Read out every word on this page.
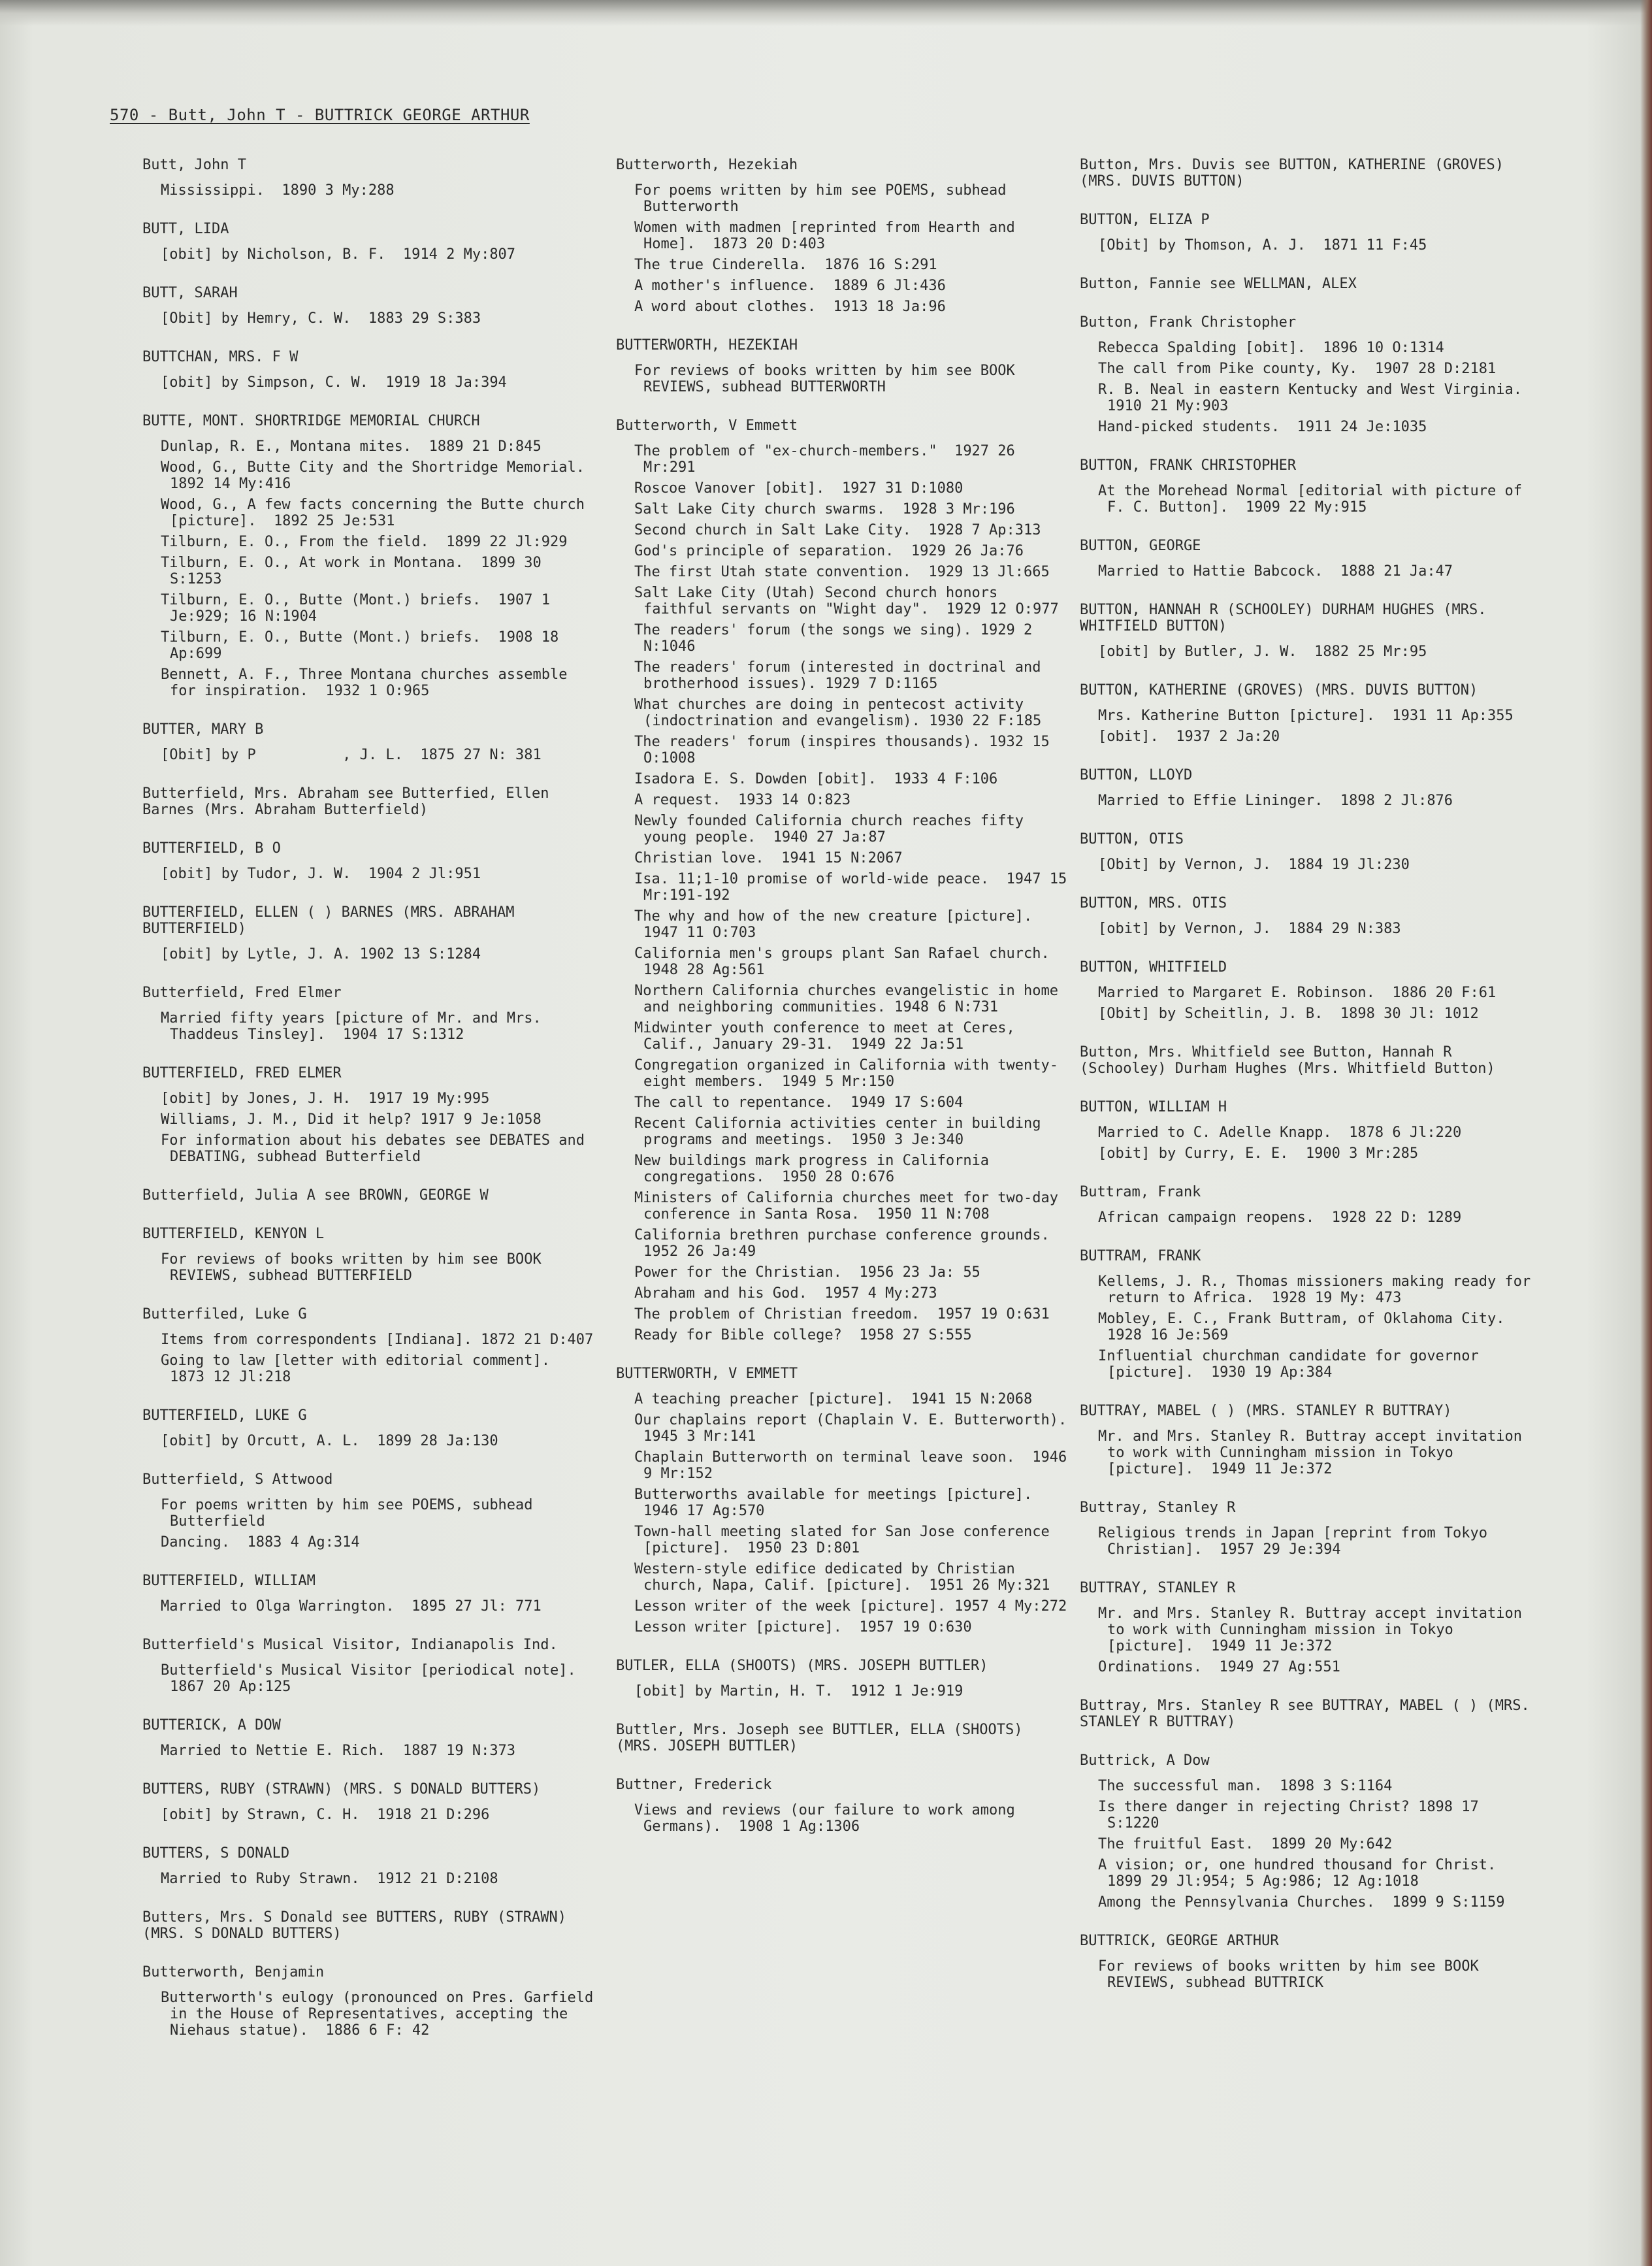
570 - Butt, John T - BUTTRICK GEORGE ARTHUR
Butt, John T
Mississippi.  1890 3 My:288
BUTT, LIDA
[obit] by Nicholson, B. F.  1914 2 My:807
BUTT, SARAH
[Obit] by Hemry, C. W.  1883 29 S:383
BUTTCHAN, MRS. F W
[obit] by Simpson, C. W.  1919 18 Ja:394
BUTTE, MONT. SHORTRIDGE MEMORIAL CHURCH
Dunlap, R. E., Montana mites.  1889 21 D:845
Wood, G., Butte City and the Shortridge Memorial.  1892 14 My:416
Wood, G., A few facts concerning the Butte church [picture].  1892 25 Je:531
Tilburn, E. O., From the field.  1899 22 Jl:929
Tilburn, E. O., At work in Montana.  1899 30 S:1253
Tilburn, E. O., Butte (Mont.) briefs.  1907 1 Je:929; 16 N:1904
Tilburn, E. O., Butte (Mont.) briefs.  1908 18 Ap:699
Bennett, A. F., Three Montana churches assemble for inspiration.  1932 1 O:965
BUTTER, MARY B
[Obit] by P          , J. L.  1875 27 N: 381
Butterfield, Mrs. Abraham see Butterfied, Ellen Barnes (Mrs. Abraham Butterfield)
BUTTERFIELD, B O
[obit] by Tudor, J. W.  1904 2 Jl:951
BUTTERFIELD, ELLEN ( ) BARNES (MRS. ABRAHAM BUTTERFIELD)
[obit] by Lytle, J. A. 1902 13 S:1284
Butterfield, Fred Elmer
Married fifty years [picture of Mr. and Mrs. Thaddeus Tinsley].  1904 17 S:1312
BUTTERFIELD, FRED ELMER
[obit] by Jones, J. H.  1917 19 My:995
Williams, J. M., Did it help? 1917 9 Je:1058
For information about his debates see DEBATES and DEBATING, subhead Butterfield
Butterfield, Julia A see BROWN, GEORGE W
BUTTERFIELD, KENYON L
For reviews of books written by him see BOOK REVIEWS, subhead BUTTERFIELD
Butterfiled, Luke G
Items from correspondents [Indiana]. 1872 21 D:407
Going to law [letter with editorial comment].  1873 12 Jl:218
BUTTERFIELD, LUKE G
[obit] by Orcutt, A. L.  1899 28 Ja:130
Butterfield, S Attwood
For poems written by him see POEMS, subhead Butterfield
Dancing.  1883 4 Ag:314
BUTTERFIELD, WILLIAM
Married to Olga Warrington.  1895 27 Jl: 771
Butterfield's Musical Visitor, Indianapolis Ind.
Butterfield's Musical Visitor [periodical note].  1867 20 Ap:125
BUTTERICK, A DOW
Married to Nettie E. Rich.  1887 19 N:373
BUTTERS, RUBY (STRAWN) (MRS. S DONALD BUTTERS)
[obit] by Strawn, C. H.  1918 21 D:296
BUTTERS, S DONALD
Married to Ruby Strawn.  1912 21 D:2108
Butters, Mrs. S Donald see BUTTERS, RUBY (STRAWN) (MRS. S DONALD BUTTERS)
Butterworth, Benjamin
Butterworth's eulogy (pronounced on Pres. Garfield in the House of Representatives, accepting the Niehaus statue).  1886 6 F: 42
Butterworth, Hezekiah
For poems written by him see POEMS, subhead Butterworth
Women with madmen [reprinted from Hearth and Home].  1873 20 D:403
The true Cinderella.  1876 16 S:291
A mother's influence.  1889 6 Jl:436
A word about clothes.  1913 18 Ja:96
BUTTERWORTH, HEZEKIAH
For reviews of books written by him see BOOK REVIEWS, subhead BUTTERWORTH
Butterworth, V Emmett
The problem of "ex-church-members."  1927 26 Mr:291
Roscoe Vanover [obit].  1927 31 D:1080
Salt Lake City church swarms.  1928 3 Mr:196
Second church in Salt Lake City.  1928 7 Ap:313
God's principle of separation.  1929 26 Ja:76
The first Utah state convention.  1929 13 Jl:665
Salt Lake City (Utah) Second church honors faithful servants on "Wight day".  1929 12 O:977
The readers' forum (the songs we sing). 1929 2 N:1046
The readers' forum (interested in doctrinal and brotherhood issues). 1929 7 D:1165
What churches are doing in pentecost activity (indoctrination and evangelism). 1930 22 F:185
The readers' forum (inspires thousands). 1932 15 O:1008
Isadora E. S. Dowden [obit].  1933 4 F:106
A request.  1933 14 O:823
Newly founded California church reaches fifty young people.  1940 27 Ja:87
Christian love.  1941 15 N:2067
Isa. 11;1-10 promise of world-wide peace.  1947 15 Mr:191-192
The why and how of the new creature [picture].  1947 11 O:703
California men's groups plant San Rafael church.  1948 28 Ag:561
Northern California churches evangelistic in home and neighboring communities. 1948 6 N:731
Midwinter youth conference to meet at Ceres, Calif., January 29-31.  1949 22 Ja:51
Congregation organized in California with twenty-eight members.  1949 5 Mr:150
The call to repentance.  1949 17 S:604
Recent California activities center in building programs and meetings.  1950 3 Je:340
New buildings mark progress in California congregations.  1950 28 O:676
Ministers of California churches meet for two-day conference in Santa Rosa.  1950 11 N:708
California brethren purchase conference grounds.  1952 26 Ja:49
Power for the Christian.  1956 23 Ja: 55
Abraham and his God.  1957 4 My:273
The problem of Christian freedom.  1957 19 O:631
Ready for Bible college?  1958 27 S:555
BUTTERWORTH, V EMMETT
A teaching preacher [picture].  1941 15 N:2068
Our chaplains report (Chaplain V. E. Butterworth).  1945 3 Mr:141
Chaplain Butterworth on terminal leave soon.  1946 9 Mr:152
Butterworths available for meetings [picture].  1946 17 Ag:570
Town-hall meeting slated for San Jose conference [picture].  1950 23 D:801
Western-style edifice dedicated by Christian church, Napa, Calif. [picture].  1951 26 My:321
Lesson writer of the week [picture]. 1957 4 My:272
Lesson writer [picture].  1957 19 O:630
BUTLER, ELLA (SHOOTS) (MRS. JOSEPH BUTTLER)
[obit] by Martin, H. T.  1912 1 Je:919
Buttler, Mrs. Joseph see BUTTLER, ELLA (SHOOTS) (MRS. JOSEPH BUTTLER)
Buttner, Frederick
Views and reviews (our failure to work among Germans).  1908 1 Ag:1306
Button, Mrs. Duvis see BUTTON, KATHERINE (GROVES) (MRS. DUVIS BUTTON)
BUTTON, ELIZA P
[Obit] by Thomson, A. J.  1871 11 F:45
Button, Fannie see WELLMAN, ALEX
Button, Frank Christopher
Rebecca Spalding [obit].  1896 10 O:1314
The call from Pike county, Ky.  1907 28 D:2181
R. B. Neal in eastern Kentucky and West Virginia.  1910 21 My:903
Hand-picked students.  1911 24 Je:1035
BUTTON, FRANK CHRISTOPHER
At the Morehead Normal [editorial with picture of F. C. Button].  1909 22 My:915
BUTTON, GEORGE
Married to Hattie Babcock.  1888 21 Ja:47
BUTTON, HANNAH R (SCHOOLEY) DURHAM HUGHES (MRS. WHITFIELD BUTTON)
[obit] by Butler, J. W.  1882 25 Mr:95
BUTTON, KATHERINE (GROVES) (MRS. DUVIS BUTTON)
Mrs. Katherine Button [picture].  1931 11 Ap:355
[obit].  1937 2 Ja:20
BUTTON, LLOYD
Married to Effie Lininger.  1898 2 Jl:876
BUTTON, OTIS
[Obit] by Vernon, J.  1884 19 Jl:230
BUTTON, MRS. OTIS
[obit] by Vernon, J.  1884 29 N:383
BUTTON, WHITFIELD
Married to Margaret E. Robinson.  1886 20 F:61
[Obit] by Scheitlin, J. B.  1898 30 Jl: 1012
Button, Mrs. Whitfield see Button, Hannah R (Schooley) Durham Hughes (Mrs. Whitfield Button)
BUTTON, WILLIAM H
Married to C. Adelle Knapp.  1878 6 Jl:220
[obit] by Curry, E. E.  1900 3 Mr:285
Buttram, Frank
African campaign reopens.  1928 22 D: 1289
BUTTRAM, FRANK
Kellems, J. R., Thomas missioners making ready for return to Africa.  1928 19 My: 473
Mobley, E. C., Frank Buttram, of Oklahoma City.  1928 16 Je:569
Influential churchman candidate for governor [picture].  1930 19 Ap:384
BUTTRAY, MABEL ( ) (MRS. STANLEY R BUTTRAY)
Mr. and Mrs. Stanley R. Buttray accept invitation to work with Cunningham mission in Tokyo [picture].  1949 11 Je:372
Buttray, Stanley R
Religious trends in Japan [reprint from Tokyo Christian].  1957 29 Je:394
BUTTRAY, STANLEY R
Mr. and Mrs. Stanley R. Buttray accept invitation to work with Cunningham mission in Tokyo [picture].  1949 11 Je:372
Ordinations.  1949 27 Ag:551
Buttray, Mrs. Stanley R see BUTTRAY, MABEL ( ) (MRS. STANLEY R BUTTRAY)
Buttrick, A Dow
The successful man.  1898 3 S:1164
Is there danger in rejecting Christ? 1898 17 S:1220
The fruitful East.  1899 20 My:642
A vision; or, one hundred thousand for Christ.  1899 29 Jl:954; 5 Ag:986; 12 Ag:1018
Among the Pennsylvania Churches.  1899 9 S:1159
BUTTRICK, GEORGE ARTHUR
For reviews of books written by him see BOOK REVIEWS, subhead BUTTRICK
